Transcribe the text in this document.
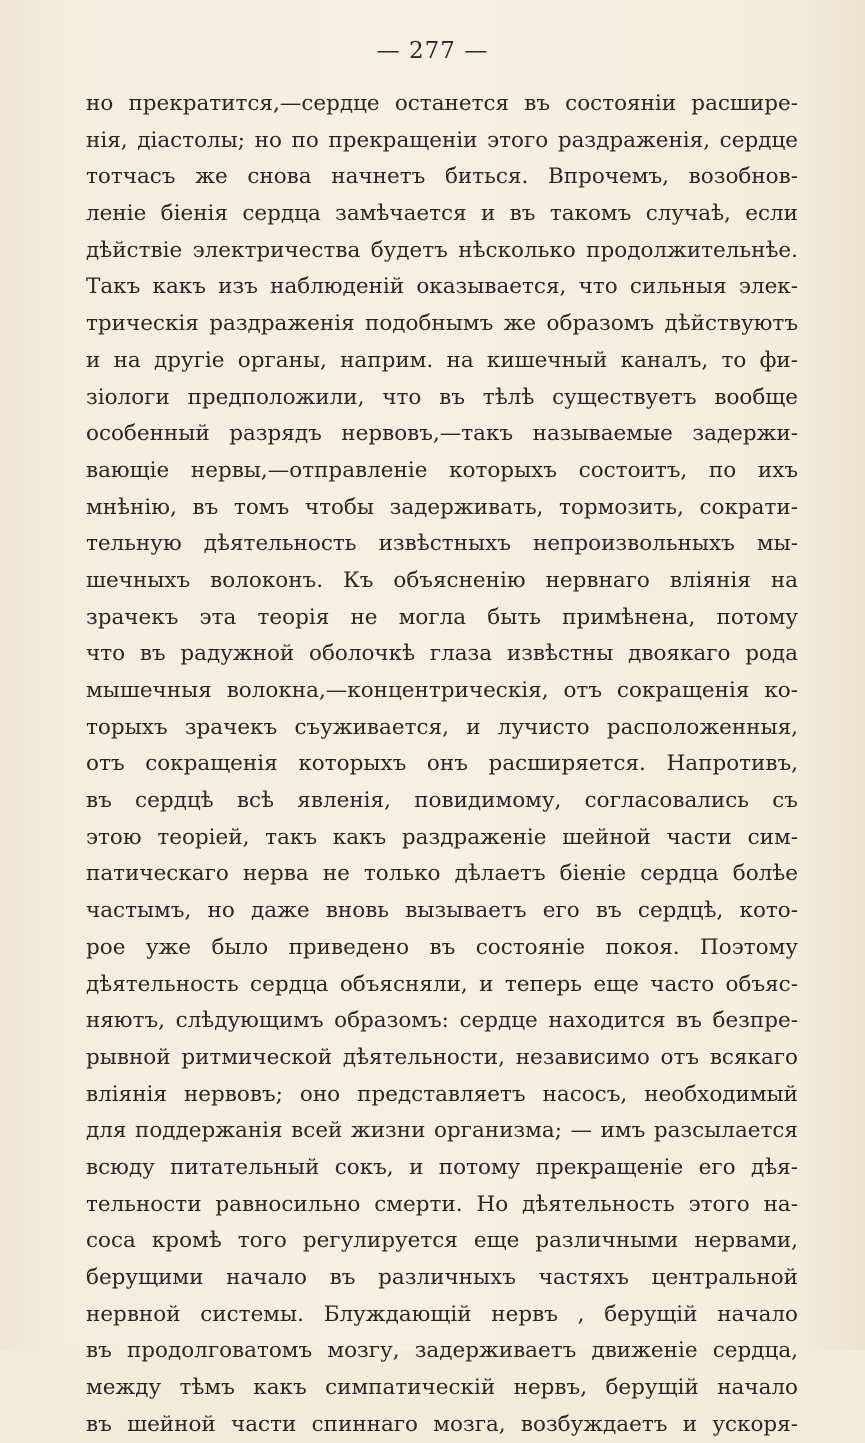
— 277 —
но прекратится,—сердце останется въ состояніи расшире-
нія, діастолы; но по прекращеніи этого раздраженія, сердце
тотчасъ же снова начнетъ биться. Впрочемъ, возобнов-
леніе біенія сердца замѣчается и въ такомъ случаѣ, если
дѣйствіе электричества будетъ нѣсколько продолжительнѣе.
Такъ какъ изъ наблюденій оказывается, что сильныя элек-
трическія раздраженія подобнымъ же образомъ дѣйствуютъ
и на другіе органы, наприм. на кишечный каналъ, то фи-
зіологи предположили, что въ тѣлѣ существуетъ вообще
особенный разрядъ нервовъ,—такъ называемые задержи-
вающіе нервы,—отправленіе которыхъ состоитъ, по ихъ
мнѣнію, въ томъ чтобы задерживать, тормозить, сократи-
тельную дѣятельность извѣстныхъ непроизвольныхъ мы-
шечныхъ волоконъ. Къ объясненію нервнаго вліянія на
зрачекъ эта теорія не могла быть примѣнена, потому
что въ радужной оболочкѣ глаза извѣстны двоякаго рода
мышечныя волокна,—концентрическія, отъ сокращенія ко-
торыхъ зрачекъ съуживается, и лучисто расположенныя,
отъ сокращенія которыхъ онъ расширяется. Напротивъ,
въ сердцѣ всѣ явленія, повидимому, согласовались съ
этою теоріей, такъ какъ раздраженіе шейной части сим-
патическаго нерва не только дѣлаетъ біеніе сердца болѣе
частымъ, но даже вновь вызываетъ его въ сердцѣ, кото-
рое уже было приведено въ состояніе покоя. Поэтому
дѣятельность сердца объясняли, и теперь еще часто объяс-
няютъ, слѣдующимъ образомъ: сердце находится въ безпре-
рывной ритмической дѣятельности, независимо отъ всякаго
вліянія нервовъ; оно представляетъ насосъ, необходимый
для поддержанія всей жизни организма; — имъ разсылается
всюду питательный сокъ, и потому прекращеніе его дѣя-
тельности равносильно смерти. Но дѣятельность этого на-
coca кромѣ того регулируется еще различными нервами,
берущими начало въ различныхъ частяхъ центральной
нервной системы. Блуждающій нервъ , берущій начало
въ продолговатомъ мозгу, задерживаетъ движеніе сердца,
между тѣмъ какъ симпатическій нервъ, берущій начало
въ шейной части спиннаго мозга, возбуждаетъ и ускоря-
